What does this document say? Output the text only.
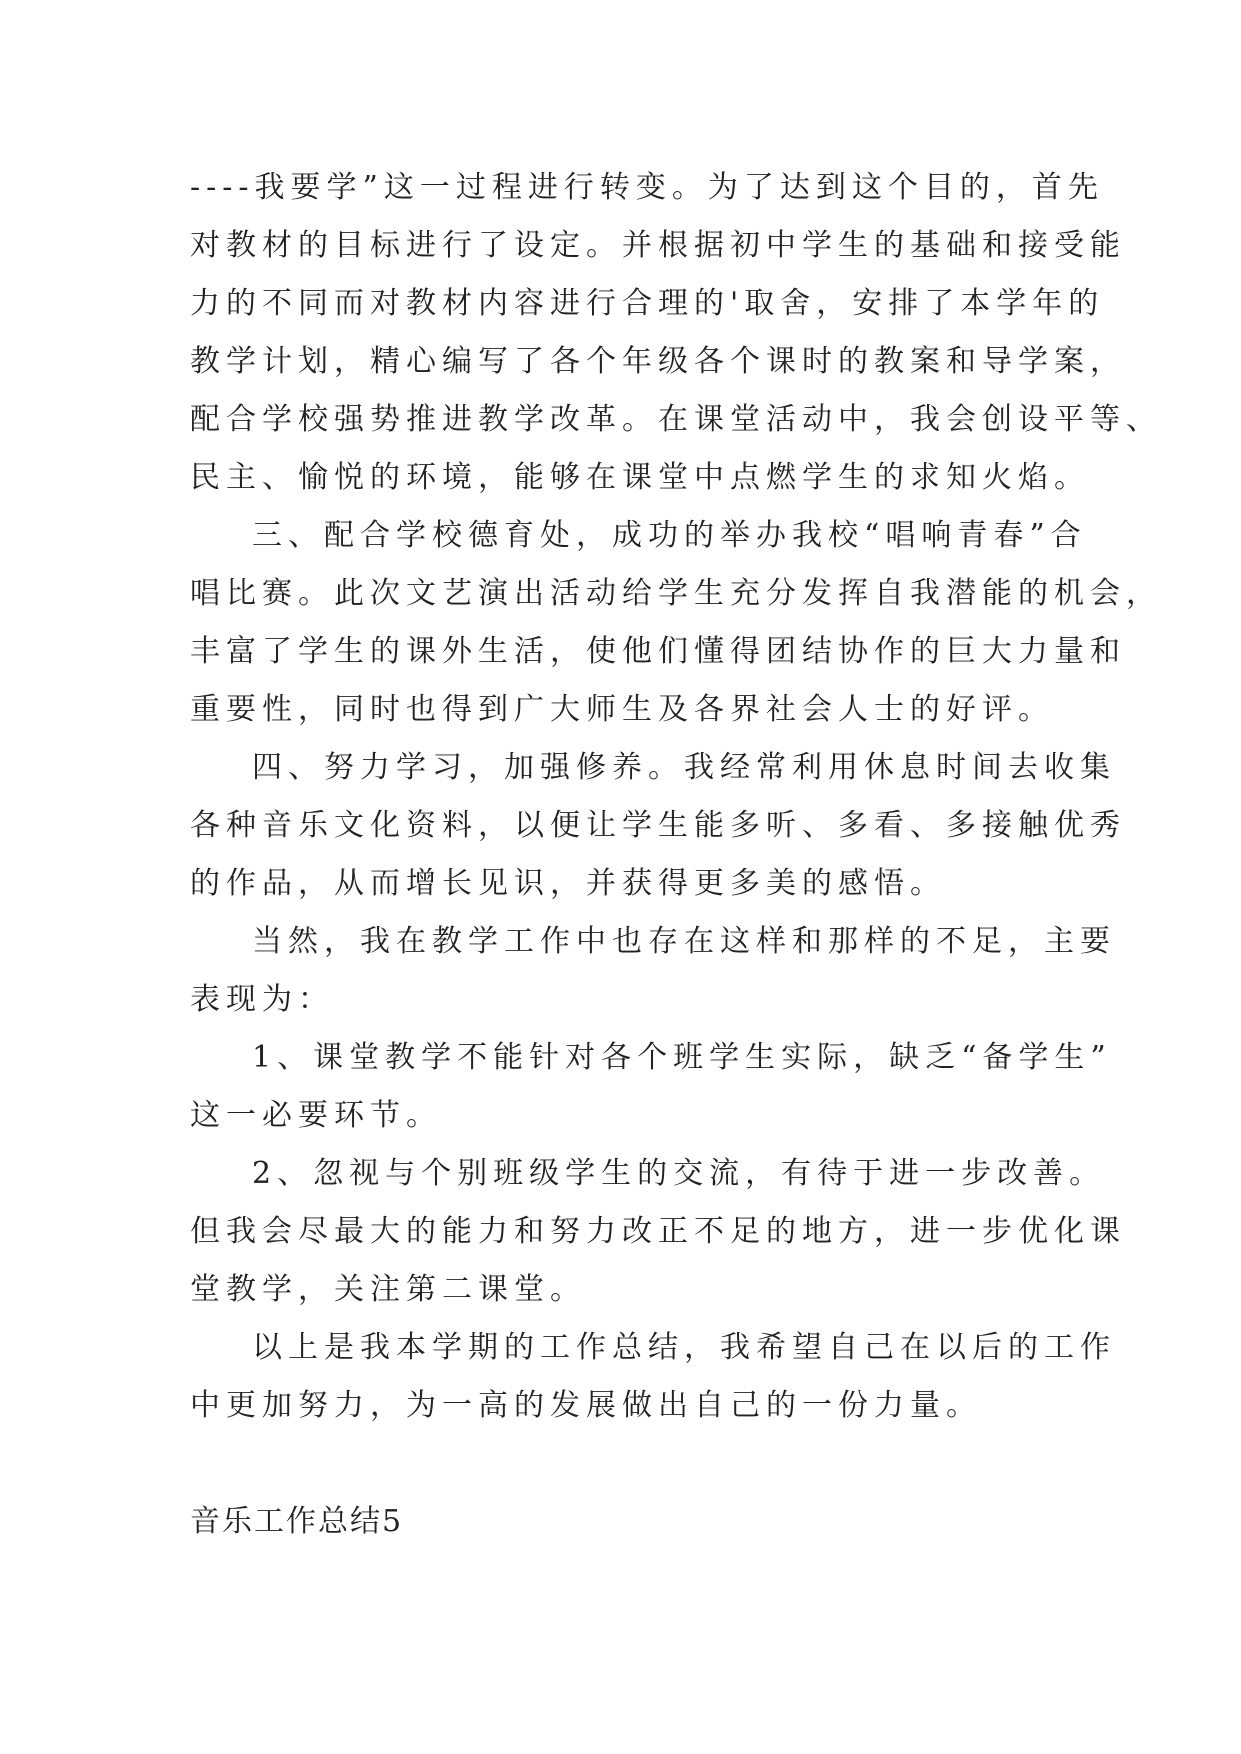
----我要学”这一过程进行转变。为了达到这个目的，首先
对教材的目标进行了设定。并根据初中学生的基础和接受能
力的不同而对教材内容进行合理的'取舍，安排了本学年的
教学计划，精心编写了各个年级各个课时的教案和导学案，
配合学校强势推进教学改革。在课堂活动中，我会创设平等、
民主、愉悦的环境，能够在课堂中点燃学生的求知火焰。
三、配合学校德育处，成功的举办我校“唱响青春”合
唱比赛。此次文艺演出活动给学生充分发挥自我潜能的机会，
丰富了学生的课外生活，使他们懂得团结协作的巨大力量和
重要性，同时也得到广大师生及各界社会人士的好评。
四、努力学习，加强修养。我经常利用休息时间去收集
各种音乐文化资料，以便让学生能多听、多看、多接触优秀
的作品，从而增长见识，并获得更多美的感悟。
当然，我在教学工作中也存在这样和那样的不足，主要
表现为：
1、课堂教学不能针对各个班学生实际，缺乏“备学生”
这一必要环节。
2、忽视与个别班级学生的交流，有待于进一步改善。
但我会尽最大的能力和努力改正不足的地方，进一步优化课
堂教学，关注第二课堂。
以上是我本学期的工作总结，我希望自己在以后的工作
中更加努力，为一高的发展做出自己的一份力量。
音乐工作总结5
